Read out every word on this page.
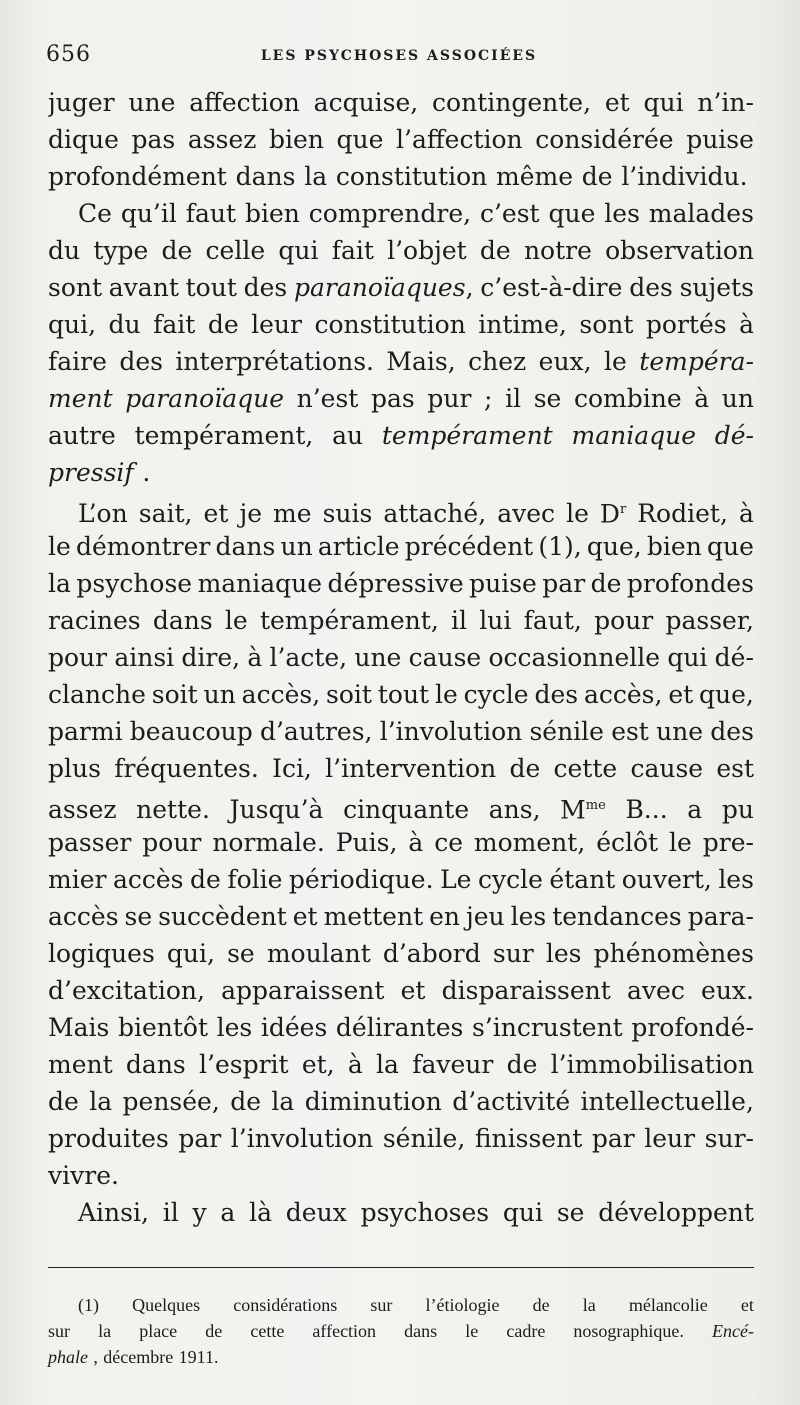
656	LES PSYCHOSES ASSOCIÉES
juger une affection acquise, contingente, et qui n’in-
dique pas assez bien que l’affection considérée puise
profondément dans la constitution même de l’individu.
Ce qu’il faut bien comprendre, c’est que les malades
du type de celle qui fait l’objet de notre observation
sont avant tout des paranoïaques, c’est-à-dire des sujets
qui, du fait de leur constitution intime, sont portés à
faire des interprétations. Mais, chez eux, le tempéra-
ment paranoïaque n’est pas pur ; il se combine à un
autre tempérament, au tempérament maniaque dé-
pressif .
L’on sait, et je me suis attaché, avec le $D^r$ Rodiet, à
le démontrer dans un article précédent (1), que, bien que
la psychose maniaque dépressive puise par de profondes
racines dans le tempérament, il lui faut, pour passer,
pour ainsi dire, à l’acte, une cause occasionnelle qui dé-
clanche soit un accès, soit tout le cycle des accès, et que,
parmi beaucoup d’autres, l’involution sénile est une des
plus fréquentes. Ici, l’intervention de cette cause est
assez nette. Jusqu’à cinquante ans, $M^{me}$ B... a pu
passer pour normale. Puis, à ce moment, éclôt le pre-
mier accès de folie périodique. Le cycle étant ouvert, les
accès se succèdent et mettent en jeu les tendances para-
logiques qui, se moulant d’abord sur les phénomènes
d’excitation, apparaissent et disparaissent avec eux.
Mais bientôt les idées délirantes s’incrustent profondé-
ment dans l’esprit et, à la faveur de l’immobilisation
de la pensée, de la diminution d’activité intellectuelle,
produites par l’involution sénile, finissent par leur sur-
vivre.
Ainsi, il y a là deux psychoses qui se développent
(1) Quelques considérations sur l’étiologie de la mélancolie et
sur la place de cette affection dans le cadre nosographique. Encé-
phale , décembre 1911.
